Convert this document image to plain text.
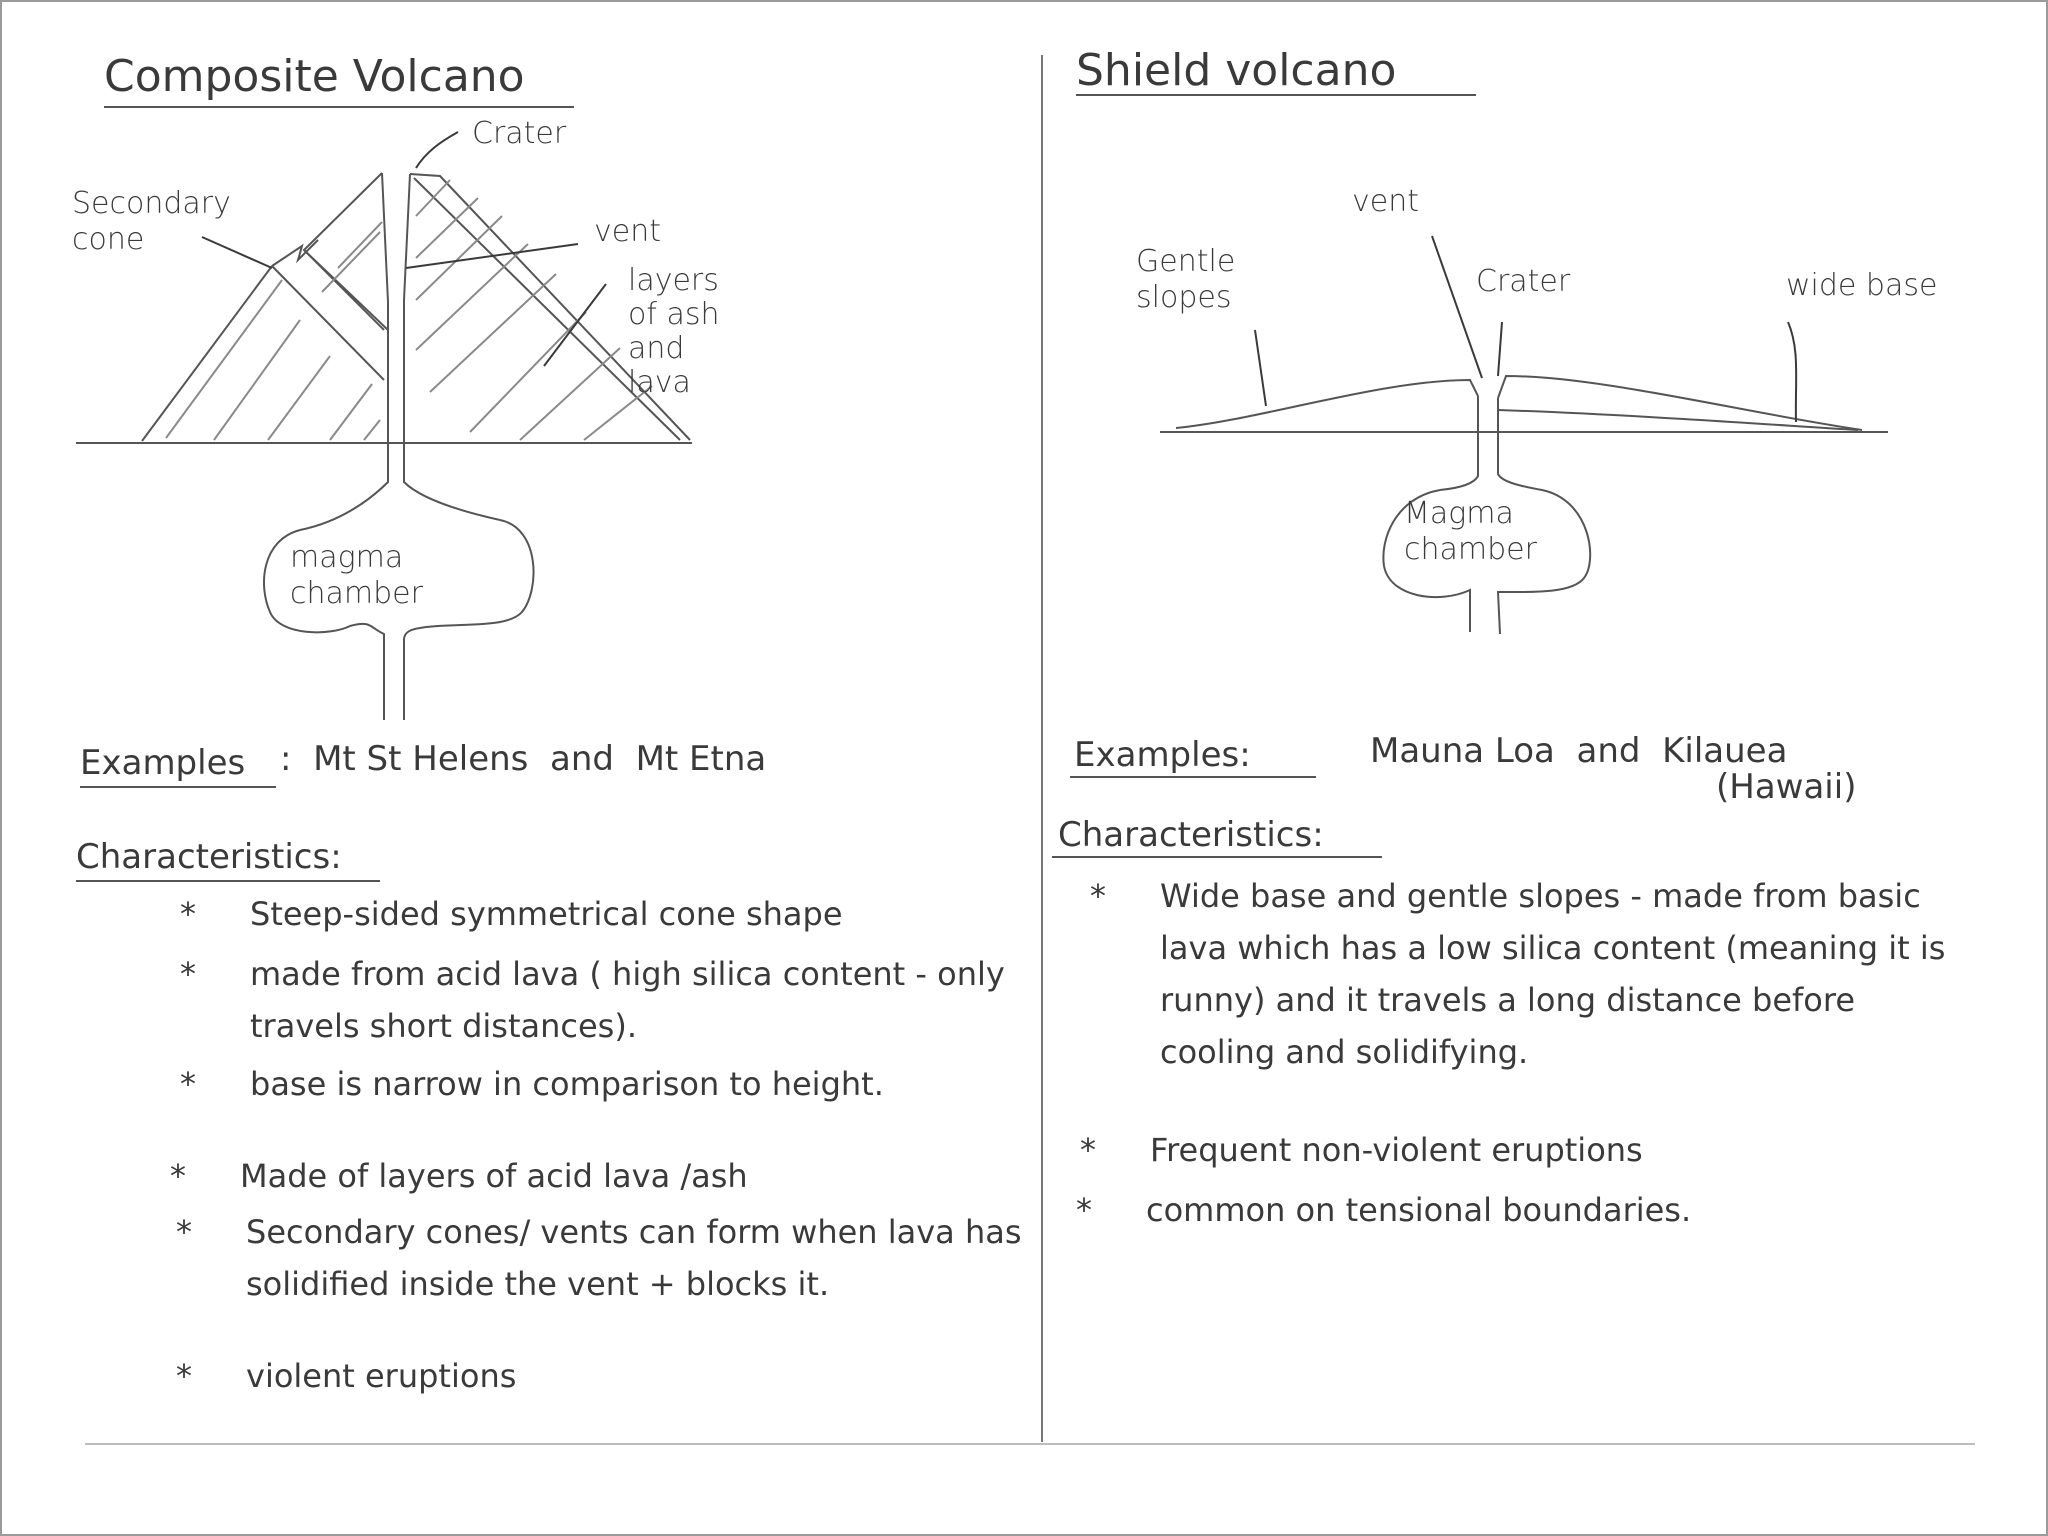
Composite Volcano
Crater
Secondary
cone	vent
layers
of ash
and
lava
magma
chamber
Examples :  Mt St Helens  and  Mt Etna
Characteristics:
* Steep-sided symmetrical cone shape
* made from acid lava ( high silica content - only travels short distances).
* base is narrow in comparison to height.
* Made of layers of acid lava /ash
* Secondary cones/ vents can form when lava has solidified inside the vent + blocks it.
* violent eruptions
Shield volcano
vent
Gentle
slopes	Crater	wide base
Magma
chamber
Examples:	Mauna Loa  and  Kilauea
(Hawaii)
Characteristics:
* Wide base and gentle slopes - made from basic lava which has a low silica content (meaning it is runny) and it travels a long distance before cooling and solidifying.
* Frequent non-violent eruptions
* common on tensional boundaries.
